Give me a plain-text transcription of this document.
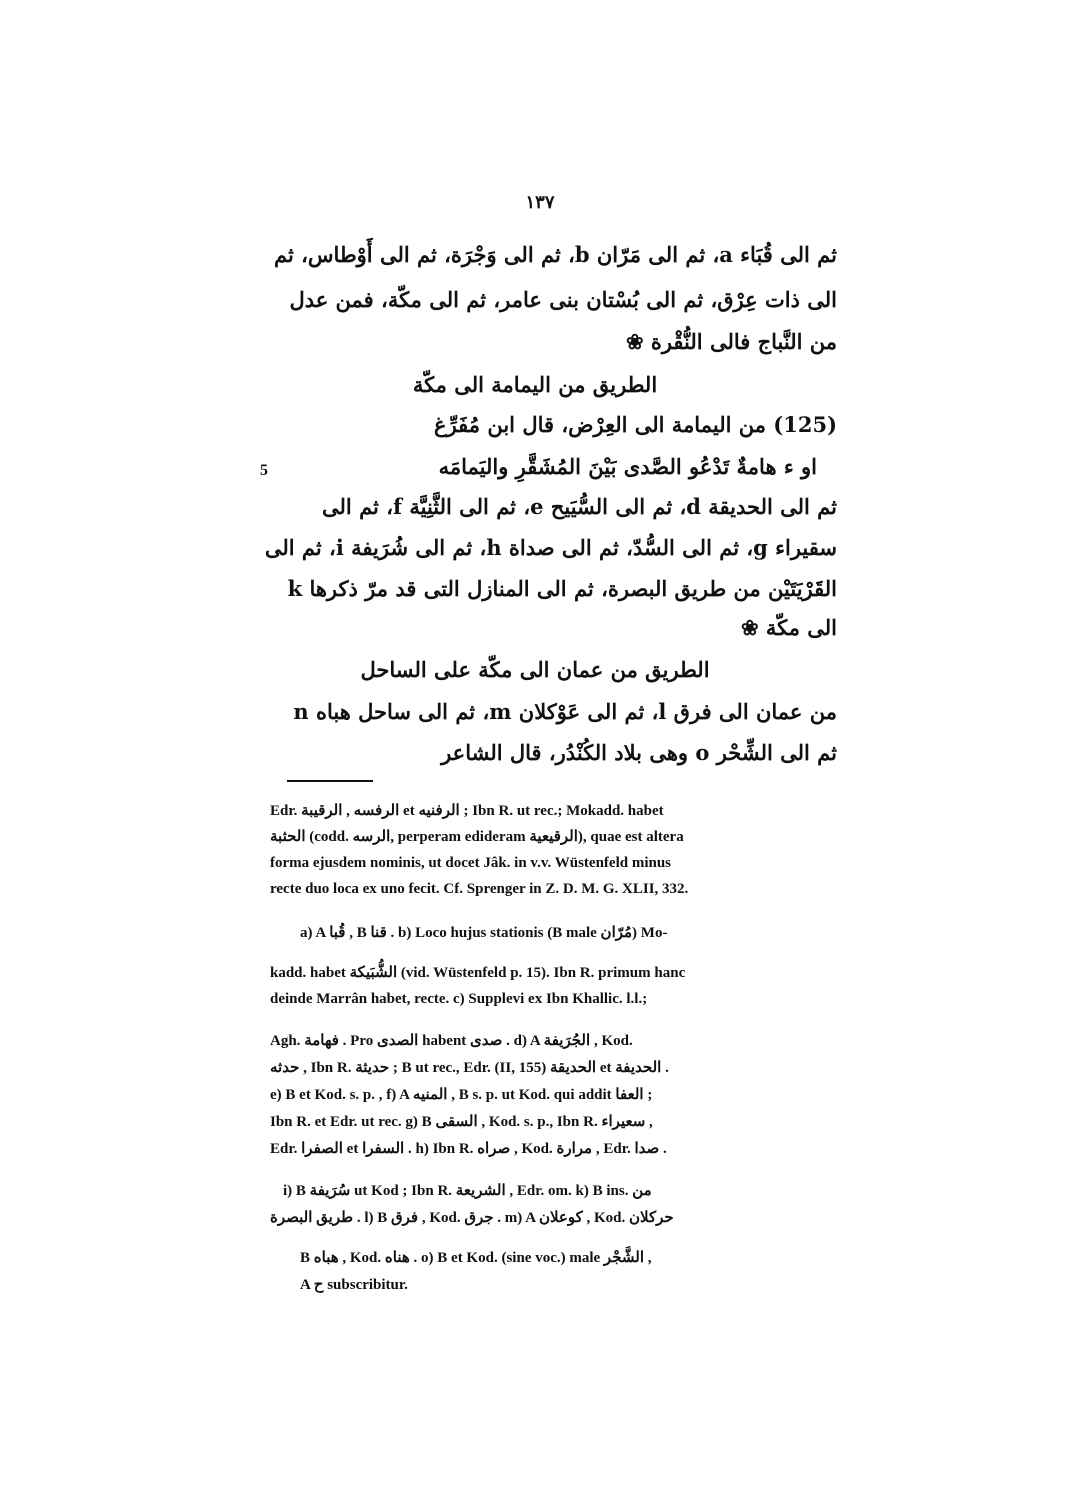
١٣٧
ثم الى قُبَاء a، ثم الى مَرّان b، ثم الى وَجْرَة، ثم الى أَوْطاس، ثم
الى ذات عِرْق، ثم الى بُسْتان بنى عامر، ثم الى مكّة، فمن عدل
من النَّباج فالى النُّقْرة ❀
الطريق من اليمامة الى مكّة
(125) من اليمامة الى العِرْض، قال ابن مُفَرِّغ
او ء هامةٌ تَدْعُو الصَّدى بَيْنَ المُشَقَّرِ واليَمامَه
5
ثم الى الحديقة d، ثم الى السُّيَيح e، ثم الى الثَّنِيَّة f، ثم الى
سقيراء g، ثم الى السُّدّ، ثم الى صداة h، ثم الى شُرَيفة i، ثم الى
القَرْيَتَيْن من طريق البصرة، ثم الى المنازل التى قد مرّ ذكرها k
الى مكّة ❀
الطريق من عمان الى مكّة على الساحل
من عمان الى فرق l، ثم الى عَوْكلان m، ثم الى ساحل هباه n
ثم الى الشِّحْر o وهى بلاد الكُنْدُر، قال الشاعر
Edr. الرفسه , الرقيبة et الرفنيه ; Ibn R. ut rec.; Mokadd. habet
الحثبة (codd. الرسه, perperam edideram الرقيعية), quae est altera
forma ejusdem nominis, ut docet Jâk. in v.v. Wüstenfeld minus
recte duo loca ex uno fecit. Cf. Sprenger in Z. D. M. G. XLII, 332.
a) A قُبا , B قنا . b) Loco hujus stationis (B male مُرّان) Mo-
kadd. habet الشُّبَيكة (vid. Wüstenfeld p. 15). Ibn R. primum hanc
deinde Marrân habet, recte. c) Supplevi ex Ibn Khallic. l.l.;
Agh. فهامة . Pro الصدى habent صدى . d) A الجُرَيفة , Kod.
حدثه , Ibn R. حديثة ; B ut rec., Edr. (II, 155) الحديقة et الحديفة .
e) B et Kod. s. p. , f) A المنيه , B s. p. ut Kod. qui addit العفا ;
Ibn R. et Edr. ut rec. g) B السقى , Kod. s. p., Ibn R. سعيراء ,
Edr. الصفرا et السفرا . h) Ibn R. صراه , Kod. مرارة , Edr. صدا .
i) B سُرَيفة ut Kod ; Ibn R. الشريعة , Edr. om. k) B ins. من
طريق البصرة . l) B فرق , Kod. جرق . m) A كوعلان , Kod. حركلان
B هباه , Kod. هناه . o) B et Kod. (sine voc.) male الشَّجْر ,
A ح subscribitur.
